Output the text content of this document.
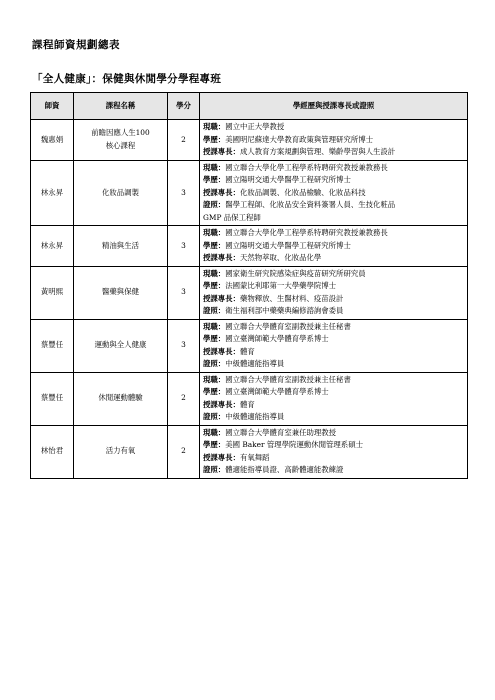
課程師資規劃總表
「全人健康」：保健與休閒學分學程專班
師資	課程名稱	學分	學經歷與授課專長或證照
魏惠娟	前瞻因應人生100核心課程	2	現職：國立中正大學教授
學歷：美國明尼蘇達大學教育政策與管理研究所博士
授課專長：成人教育方案規劃與管理、樂齡學習與人生設計

林永昇	化妝品調製	3	現職：國立聯合大學化學工程學系特聘研究教授兼教務長
學歷：國立陽明交通大學醫學工程研究所博士
授課專長：化妝品調製、化妝品檢驗、化妝品科技
證照：醫學工程師、化妝品安全資料簽署人員、生技化粧品
GMP 品保工程師

林永昇	精油與生活	3	現職：國立聯合大學化學工程學系特聘研究教授兼教務長
學歷：國立陽明交通大學醫學工程研究所博士
授課專長：天然物萃取、化妝品化學

黃明熙	醫藥與保健	3	現職：國家衛生研究院感染症與疫苗研究所研究員
學歷：法國蒙比利耶第一大學藥學院博士
授課專長：藥物釋放、生醫材料、疫苗設計
證照：衛生福利部中藥藥典編修諮詢會委員

蔡豐任	運動與全人健康	3	現職：國立聯合大學體育室副教授兼主任秘書
學歷：國立臺灣師範大學體育學系博士
授課專長：體育
證照：中級體適能指導員

蔡豐任	休閒運動體驗	2	現職：國立聯合大學體育室副教授兼主任秘書
學歷：國立臺灣師範大學體育學系博士
授課專長：體育
證照：中級體適能指導員

林怡君	活力有氧	2	現職：國立聯合大學體育室兼任助理教授
學歷：美國 Baker 管理學院運動休閒管理系碩士
授課專長：有氧舞蹈
證照：體適能指導員證、高齡體適能教練證
